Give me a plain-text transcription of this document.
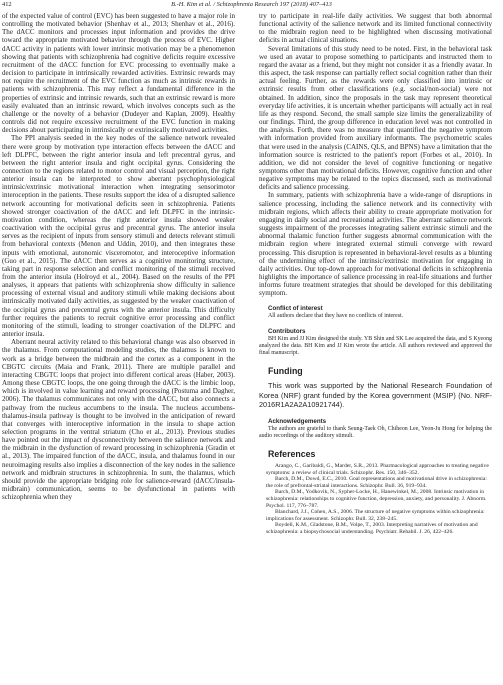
412	B.-H. Kim et al. / Schizophrenia Research 197 (2018) 407–413

of the expected value of control (EVC) has been suggested to have a major role in controlling the motivated behavior (Shenhav et al., 2013; Shenhav et al., 2016). The dACC monitors and processes input information and provides the drive toward the appropriate motivated behavior through the process of EVC. Higher dACC activity in patients with lower intrinsic motivation may be a phenomenon showing that patients with schizophrenia had cognitive deficits require excessive recruitment of the dACC function for EVC processing to eventually make a decision to participate in intrinsically rewarded activities. Extrinsic rewards may not require the recruitment of the EVC function as much as intrinsic rewards in patients with schizophrenia. This may reflect a fundamental difference in the properties of extrinsic and intrinsic rewards, such that an extrinsic reward is more easily evaluated than an intrinsic reward, which involves concepts such as the challenge or the novelty of a behavior (Dudeyer and Kaplan, 2009). Healthy controls did not require excessive recruitment of the EVC function in making decisions about participating in intrinsically or extrinsically motivated activities.

The PPI analysis seeded in the key nodes of the salience network revealed there were group by motivation type interaction effects between the dACC and left DLPFC, between the right anterior insula and left precentral gyrus, and between the right anterior insula and right occipital gyrus. Considering the connection to the regions related to motor control and visual perception, the right anterior insula can be interpreted to show aberrant psychophysiological intrinsic/extrinsic motivational interaction when integrating sensorimotor interoception in the patients. These results support the idea of a disrupted salience network accounting for motivational deficits seen in schizophrenia. Patients showed stronger coactivation of the dACC and left DLPFC in the intrinsic-motivation condition, whereas the right anterior insula showed weaker coactivation with the occipital gyrus and precentral gyrus. The anterior insula serves as the recipient of inputs from sensory stimuli and detects relevant stimuli from behavioral contexts (Menon and Uddin, 2010), and then integrates these inputs with emotional, autonomic visceromotor, and interoceptive information (Guo et al., 2015). The dACC then serves as a cognitive monitoring structure, taking part in response selection and conflict monitoring of the stimuli received from the anterior insula (Holroyd et al., 2004). Based on the results of the PPI analyses, it appears that patients with schizophrenia show difficulty in salience processing of external visual and auditory stimuli while making decisions about intrinsically motivated daily activities, as suggested by the weaker coactivation of the occipital gyrus and precentral gyrus with the anterior insula. This difficulty further requires the patients to recruit cognitive error processing and conflict monitoring of the stimuli, leading to stronger coactivation of the DLPFC and anterior insula.

Aberrant neural activity related to this behavioral change was also observed in the thalamus. From computational modeling studies, the thalamus is known to work as a bridge between the midbrain and the cortex as a component in the CBGTC circuits (Maia and Frank, 2011). There are multiple parallel and interacting CBGTC loops that project into different cortical areas (Haber, 2003). Among these CBGTC loops, the one going through the dACC is the limbic loop, which is involved in value learning and reward processing (Postuma and Dagher, 2006). The thalamus communicates not only with the dACC, but also connects a pathway from the nucleus accumbens to the insula. The nucleus accumbens-thalamus-insula pathway is thought to be involved in the anticipation of reward that converges with interoceptive information in the insula to shape action selection programs in the ventral striatum (Cho et al., 2013). Previous studies have pointed out the impact of dysconnectivity between the salience network and the midbrain in the dysfunction of reward processing in schizophrenia (Gradin et al., 2013). The impaired function of the dACC, insula, and thalamus found in our neuroimaging results also implies a disconnection of the key nodes in the salience network and midbrain structures in schizophrenia. In sum, the thalamus, which should provide the appropriate bridging role for salience-reward (dACC/insula-midbrain) communication, seems to be dysfunctional in patients with schizophrenia when they

try to participate in real-life daily activities. We suggest that both abnormal functional activity of the salience network and its limited functional connectivity to the midbrain region need to be highlighted when discussing motivational deficits in actual clinical situations.

Several limitations of this study need to be noted. First, in the behavioral task we used an avatar to propose something to participants and instructed them to regard the avatar as a friend, but they might not consider it as a friendly avatar. In this aspect, the task response can partially reflect social cognition rather than their actual feeling. Further, as the rewards were only classified into intrinsic or extrinsic results from other classifications (e.g. social/non-social) were not obtained. In addition, since the proposals in the task may represent theoretical everyday life activities, it is uncertain whether participants will actually act in real life as they respond. Second, the small sample size limits the generalizability of our findings. Third, the group difference in education level was not controlled in the analysis. Forth, there was no measure that quantified the negative symptom with information provided from auxiliary informants. The psychometric scales that were used in the analysis (CAINS, QLS, and BPNS) have a limitation that the information source is restricted to the patient's report (Forbes et al., 2010). In addition, we did not consider the level of cognitive functioning or negative symptoms other than motivational deficits. However, cognitive function and other negative symptoms may be related to the topics discussed, such as motivational deficits and salience processing.

In summary, patients with schizophrenia have a wide-range of disruptions in salience processing, including the salience network and its connectivity with midbrain regions, which affects their ability to create appropriate motivation for engaging in daily social and recreational activities. The aberrant salience network suggests impairment of the processes integrating salient extrinsic stimuli and the abnormal thalamic function further suggests abnormal communication with the midbrain region where integrated external stimuli converge with reward processing. This disruption is represented in behavioral-level results as a blunting of the undermining effect of the intrinsic/extrinsic motivation for engaging in daily activities. Our top-down approach for motivational deficits in schizophrenia highlights the importance of salience processing in real-life situations and further informs future treatment strategies that should be developed for this debilitating symptom.

Conflict of interest

All authors declare that they have no conflicts of interest.

Contributors

BH Kim and JJ Kim designed the study. YB Shin and SK Lee acquired the data, and S Kyeong analyzed the data. BH Kim and JJ Kim wrote the article. All authors reviewed and approved the final manuscript.

Funding

This work was supported by the National Research Foundation of Korea (NRF) grant funded by the Korea government (MSIP) (No. NRF-2016R1A2A2A10921744).

Acknowledgements

The authors are grateful to thank Seung-Taek Oh, Chiheon Lee, Yeon-Ju Hong for helping the audio recordings of the auditory stimuli.

References

Arango, C., Garibaldi, G., Marder, S.R., 2013. Pharmacological approaches to treating negative symptoms: a review of clinical trials. Schizophr. Res. 150, 346–352.

Barch, D.M., Dowd, E.C., 2010. Goal representations and motivational drive in schizophrenia: the role of prefrontal-striatal interactions. Schizophr. Bull. 36, 919–934.

Barch, D.M., Yodkovik, N., Sypher-Locke, H., Hanewinkel, M., 2008. Intrinsic motivation in schizophrenia: relationships to cognitive function, depression, anxiety, and personality. J. Abnorm. Psychol. 117, 776–787.

Blanchard, J.J., Cohen, A.S., 2006. The structure of negative symptoms within schizophrenia: implications for assessment. Schizophr. Bull. 32, 238–245.

Boydell, K.M., Gladstone, B.M., Volpe, T., 2003. Interpreting narratives of motivation and schizophrenia: a biopsychosocial understanding. Psychiatr. Rehabil. J. 26, 422–426.
